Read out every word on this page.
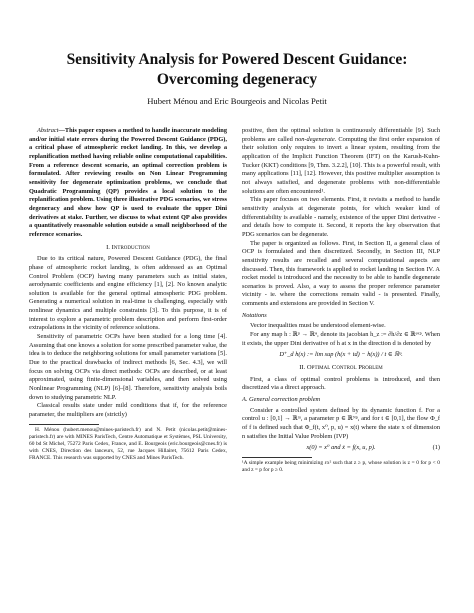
Sensitivity Analysis for Powered Descent Guidance:
Overcoming degeneracy
Hubert Ménou and Eric Bourgeois and Nicolas Petit

Abstract—This paper exposes a method to handle inaccurate modeling and/or initial state errors during the Powered Descent Guidance (PDG), a critical phase of atmospheric rocket landing. In this, we develop a replanification method having reliable online computational capabilities. From a reference descent scenario, an optimal correction problem is formulated. After reviewing results on Non Linear Programming sensitivity for degenerate optimization problems, we conclude that Quadratic Programming (QP) provides a local solution to the replanification problem. Using three illustrative PDG scenarios, we stress degeneracy and show how QP is used to evaluate the upper Dini derivatives at stake. Further, we discuss to what extent QP also provides a quantitatively reasonable solution outside a small neighborhood of the reference scenarios.

I. Introduction

Due to its critical nature, Powered Descent Guidance (PDG), the final phase of atmospheric rocket landing, is often addressed as an Optimal Control Problem (OCP) having many parameters such as initial states, aerodynamic coefficients and engine efficiency [1], [2]. No known analytic solution is available for the general optimal atmospheric PDG problem. Generating a numerical solution in real-time is challenging, especially with nonlinear dynamics and multiple constraints [3]. To this purpose, it is of interest to explore a parametric problem description and perform first-order extrapolations in the vicinity of reference solutions.

Sensitivity of parametric OCPs have been studied for a long time [4]. Assuming that one knows a solution for some prescribed parameter value, the idea is to deduce the neighboring solutions for small parameter variations [5]. Due to the practical drawbacks of indirect methods [6, Sec. 4.3], we will focus on solving OCPs via direct methods: OCPs are described, or at least approximated, using finite-dimensional variables, and then solved using Nonlinear Programming (NLP) [6]–[8]. Therefore, sensitivity analysis boils down to studying parametric NLP.

Classical results state under mild conditions that if, for the reference parameter, the multipliers are (strictly)

H. Ménou (hubert.menou@mines-paristech.fr) and N. Petit (nicolas.petit@mines-paristech.fr) are with MINES ParisTech, Centre Automatique et Systèmes, PSL University, 60 bd St Michel, 75272 Paris Cedex, France, and E. Bourgeois (eric.bourgeois@cnes.fr) is with CNES, Direction des lanceurs, 52, rue Jacques Hillairet, 75612 Paris Cedex, FRANCE. This research was supported by CNES and Mines ParisTech.

positive, then the optimal solution is continuously differentiable [9]. Such problems are called non-degenerate. Computing the first order expansion of their solution only requires to invert a linear system, resulting from the application of the Implicit Function Theorem (IFT) on the Karush-Kuhn-Tucker (KKT) conditions [9, Thm. 3.2.2], [10]. This is a powerful result, with many applications [11], [12]. However, this positive multiplier assumption is not always satisfied, and degenerate problems with non-differentiable solutions are often encountered¹.

This paper focuses on two elements. First, it revisits a method to handle sensitivity analysis at degenerate points, for which weaker kind of differentiability is available - namely, existence of the upper Dini derivative - and details how to compute it. Second, it reports the key observation that PDG scenarios can be degenerate.

The paper is organized as follows. First, in Section II, a general class of OCP is formulated and then discretized. Secondly, in Section III, NLP sensitivity results are recalled and several computational aspects are discussed. Then, this framework is applied to rocket landing in Section IV. A rocket model is introduced and the necessity to be able to handle degenerate scenarios is proved. Also, a way to assess the proper reference parameter vicinity - ie. where the corrections remain valid - is presented. Finally, comments and extensions are provided in Section V.

Notations

Vector inequalities must be understood element-wise.

For any map h : ℝᵖ → ℝᵠ, denote its jacobian h_z := ∂h/∂z ∈ ℝᵠˣᵖ. When it exists, the upper Dini derivative of h at x in the direction d is denoted by

D⁺_d h(x) := lim sup (h(x + td) − h(x)) / t ∈ ℝᵠ.
II. Optimal Control Problem

First, a class of optimal control problems is introduced, and then discretized via a direct approach.

A. General correction problem

Consider a controlled system defined by its dynamic function f. For a control u : [0,1] → ℝᵐ, a parameter p ∈ ℝᴺᵖ, and for t ∈ [0,1], the flow Φ_f of f is defined such that Φ_f(t, x⁰, p, u) = x(t) where the state x of dimension n satisfies the Initial Value Problem (IVP)

x(0) = x⁰ and ẋ = f(x, u, p).	(1)
¹A simple example being minimizing εx² such that z ≥ p, whose solution is z = 0 for p < 0 and z = p for p ≥ 0.
